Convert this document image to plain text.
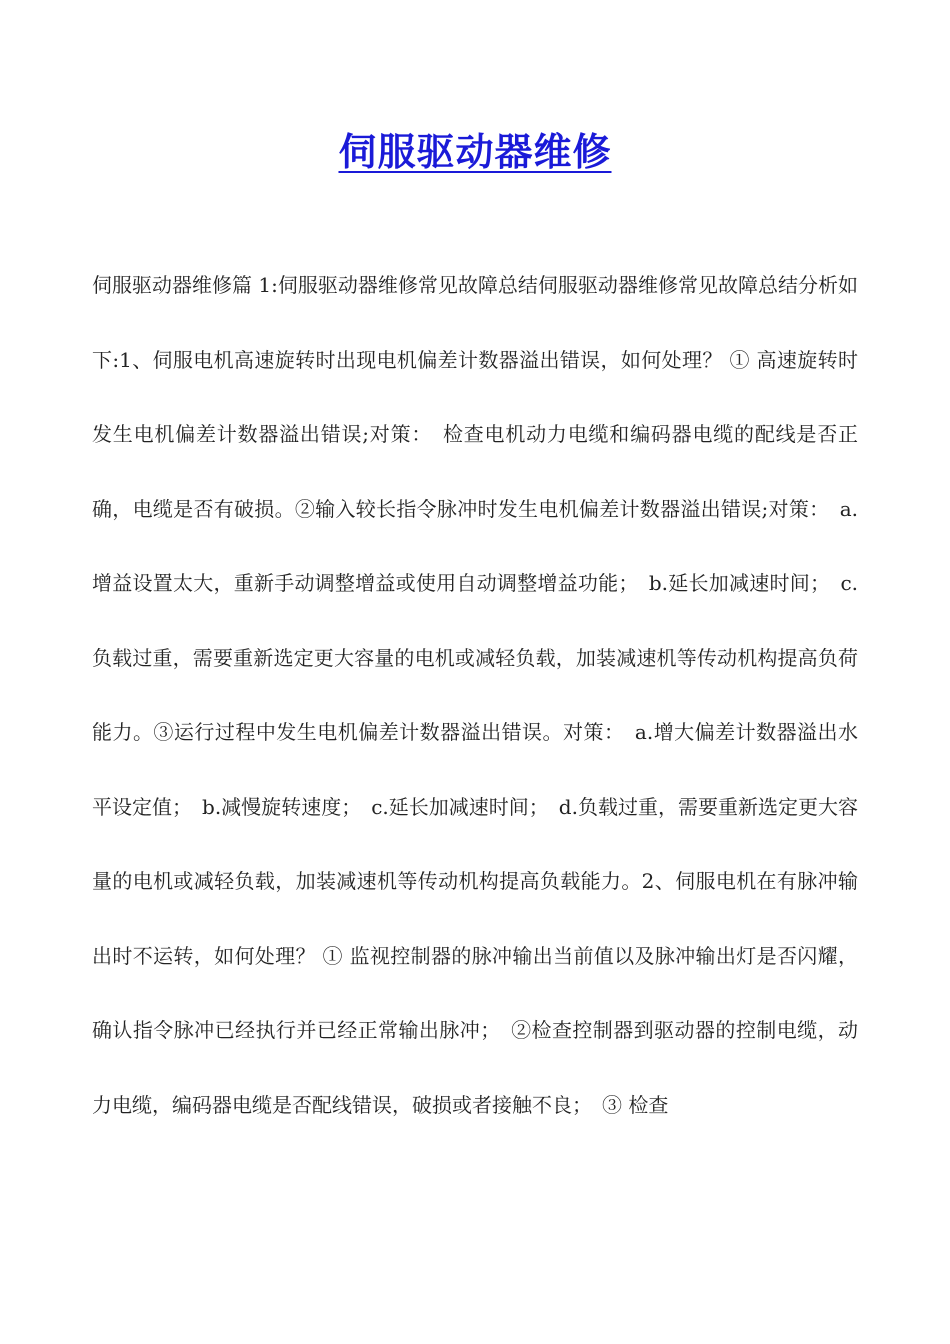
伺服驱动器维修

伺服驱动器维修篇 1:伺服驱动器维修常见故障总结伺服驱动器维修常见故障总结分析如下:1、伺服电机高速旋转时出现电机偏差计数器溢出错误，如何处理？ ① 高速旋转时发生电机偏差计数器溢出错误;对策：　检查电机动力电缆和编码器电缆的配线是否正确，电缆是否有破损。②输入较长指令脉冲时发生电机偏差计数器溢出错误;对策：　a.增益设置太大，重新手动调整增益或使用自动调整增益功能；　b.延长加减速时间；　c.负载过重，需要重新选定更大容量的电机或减轻负载，加装减速机等传动机构提高负荷能力。③运行过程中发生电机偏差计数器溢出错误。对策：　a.增大偏差计数器溢出水平设定值；　b.减慢旋转速度；　c.延长加减速时间；　d.负载过重，需要重新选定更大容量的电机或减轻负载，加装减速机等传动机构提高负载能力。2、伺服电机在有脉冲输出时不运转，如何处理？ ① 监视控制器的脉冲输出当前值以及脉冲输出灯是否闪耀，确认指令脉冲已经执行并已经正常输出脉冲；　②检查控制器到驱动器的控制电缆，动力电缆，编码器电缆是否配线错误，破损或者接触不良；　③ 检查
